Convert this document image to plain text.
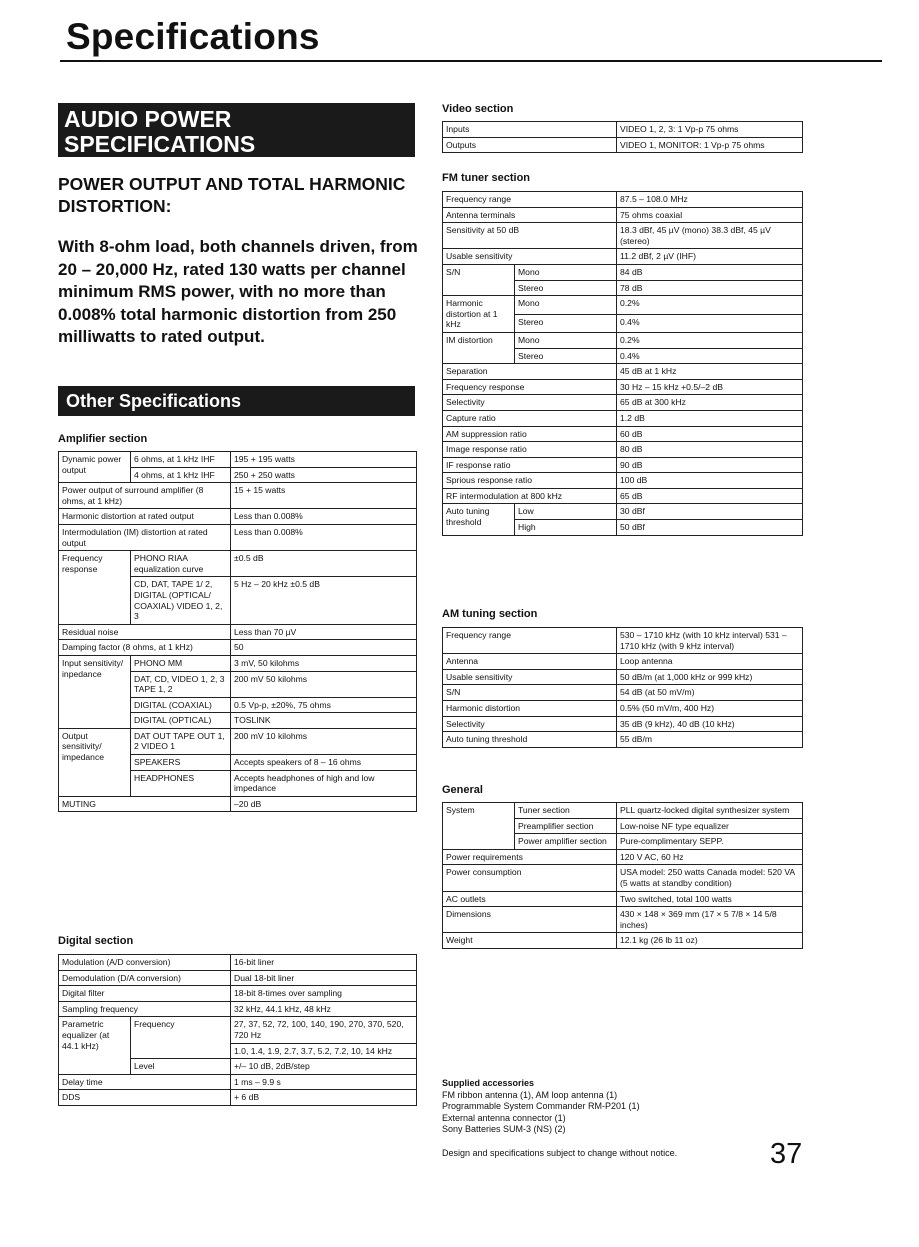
Specifications
AUDIO POWER SPECIFICATIONS
POWER OUTPUT AND TOTAL HARMONIC DISTORTION:
With 8-ohm load, both channels driven, from 20 – 20,000 Hz, rated 130 watts per channel minimum RMS power, with no more than 0.008% total harmonic distortion from 250 milliwatts to rated output.
Other Specifications
Amplifier section
Dynamic power output	6 ohms, at 1 kHz IHF	195 + 195 watts
	4 ohms, at 1 kHz IHF	250 + 250 watts
Power output of surround amplifier (8 ohms, at 1 kHz)		15 + 15 watts
Harmonic distortion at rated output		Less than 0.008%
Intermodulation (IM) distortion at rated output		Less than 0.008%
Frequency response	PHONO RIAA equalization curve	±0.5 dB
	CD, DAT, TAPE 1/ 2, DIGITAL (OPTICAL/ COAXIAL) VIDEO 1, 2, 3	5 Hz – 20 kHz ±0.5 dB
Residual noise		Less than 70 µV
Damping factor (8 ohms, at 1 kHz)		50
Input sensitivity/ inpedance	PHONO MM	3 mV, 50 kilohms
	DAT, CD, VIDEO 1, 2, 3 TAPE 1, 2	200 mV 50 kilohms
	DIGITAL (COAXIAL)	0.5 Vp-p, ±20%, 75 ohms
	DIGITAL (OPTICAL)	TOSLINK
Output sensitivity/ impedance	DAT OUT TAPE OUT 1, 2 VIDEO 1	200 mV 10 kilohms
	SPEAKERS	Accepts speakers of 8 – 16 ohms
	HEADPHONES	Accepts headphones of high and low impedance
MUTING		–20 dB
Digital section
Modulation (A/D conversion)		16-bit liner
Demodulation (D/A conversion)		Dual 18-bit liner
Digital filter		18-bit 8-times over sampling
Sampling frequency		32 kHz, 44.1 kHz, 48 kHz
Parametric equalizer (at 44.1 kHz)	Frequency	27, 37, 52, 72, 100, 140, 190, 270, 370, 520, 720 Hz
		1.0, 1.4, 1.9, 2.7, 3.7, 5.2, 7.2, 10, 14 kHz
	Level	+/– 10 dB, 2dB/step
Delay time		1 ms – 9.9 s
DDS		+ 6 dB
Video section
Inputs	VIDEO 1, 2, 3: 1 Vp-p 75 ohms
Outputs	VIDEO 1, MONITOR: 1 Vp-p 75 ohms
FM tuner section
Frequency range		87.5 – 108.0 MHz
Antenna terminals		75 ohms coaxial
Sensitivity at 50 dB		18.3 dBf, 45 µV (mono) 38.3 dBf, 45 µV (stereo)
Usable sensitivity		11.2 dBf, 2 µV (IHF)
S/N	Mono	84 dB
	Stereo	78 dB
Harmonic distortion at 1 kHz	Mono	0.2%
	Stereo	0.4%
IM distortion	Mono	0.2%
	Stereo	0.4%
Separation		45 dB at 1 kHz
Frequency response		30 Hz – 15 kHz +0.5/–2 dB
Selectivity		65 dB at 300 kHz
Capture ratio		1.2 dB
AM suppression ratio		60 dB
Image response ratio		80 dB
IF response ratio		90 dB
Sprious response ratio		100 dB
RF intermodulation at 800 kHz		65 dB
Auto tuning threshold	Low	30 dBf
	High	50 dBf
AM tuning section
Frequency range	530 – 1710 kHz (with 10 kHz interval) 531 – 1710 kHz (with 9 kHz interval)
Antenna	Loop antenna
Usable sensitivity	50 dB/m (at 1,000 kHz or 999 kHz)
S/N	54 dB (at 50 mV/m)
Harmonic distortion	0.5% (50 mV/m, 400 Hz)
Selectivity	35 dB (9 kHz), 40 dB (10 kHz)
Auto tuning threshold	55 dB/m
General
System	Tuner section	PLL quartz-locked digital synthesizer system
	Preamplifier section	Low-noise NF type equalizer
	Power amplifier section	Pure-complimentary SEPP.
Power requirements		120 V AC, 60 Hz
Power consumption		USA model: 250 watts Canada model: 520 VA (5 watts at standby condition)
AC outlets		Two switched, total 100 watts
Dimensions		430 × 148 × 369 mm (17 × 5 7/8 × 14 5/8 inches)
Weight		12.1 kg (26 lb 11 oz)
Supplied accessories
FM ribbon antenna (1), AM loop antenna (1)
Programmable System Commander RM-P201 (1)
External antenna connector (1)
Sony Batteries SUM-3 (NS) (2)
Design and specifications subject to change without notice.	37
